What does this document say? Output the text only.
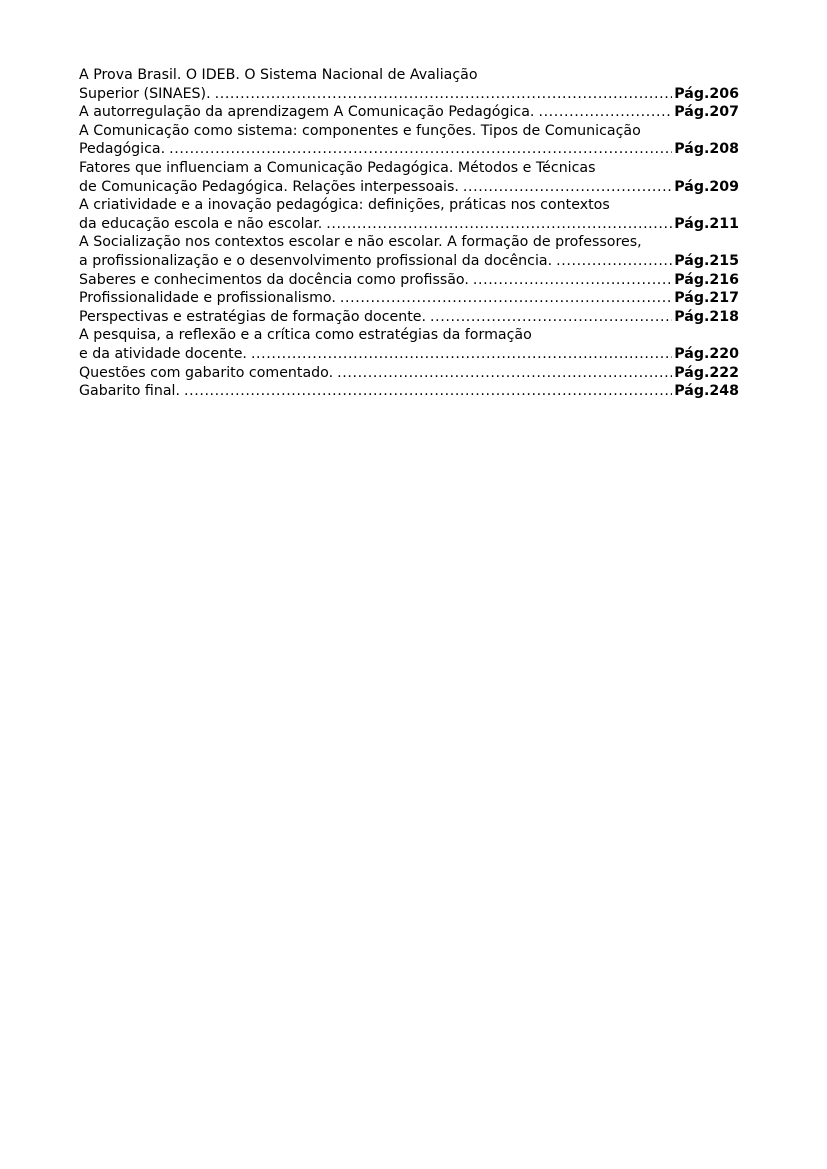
A Prova Brasil. O IDEB. O Sistema Nacional de Avaliação
Superior (SINAES). .....	Pág.206
A autorregulação da aprendizagem A Comunicação Pedagógica. .....	Pág.207
A Comunicação como sistema: componentes e funções. Tipos de Comunicação
Pedagógica. .....	Pág.208
Fatores que influenciam a Comunicação Pedagógica. Métodos e Técnicas
de Comunicação Pedagógica. Relações interpessoais. .....	Pág.209
A criatividade e a inovação pedagógica: definições, práticas nos contextos
da educação escola e não escolar. .....	Pág.211
A Socialização nos contextos escolar e não escolar. A formação de professores,
a profissionalização e o desenvolvimento profissional da docência. .....	Pág.215
Saberes e conhecimentos da docência como profissão. .....	Pág.216
Profissionalidade e profissionalismo. .....	Pág.217
Perspectivas e estratégias de formação docente. .....	Pág.218
A pesquisa, a reflexão e a crítica como estratégias da formação
e da atividade docente. .....	Pág.220
Questões com gabarito comentado. .....	Pág.222
Gabarito final. .....	Pág.248
